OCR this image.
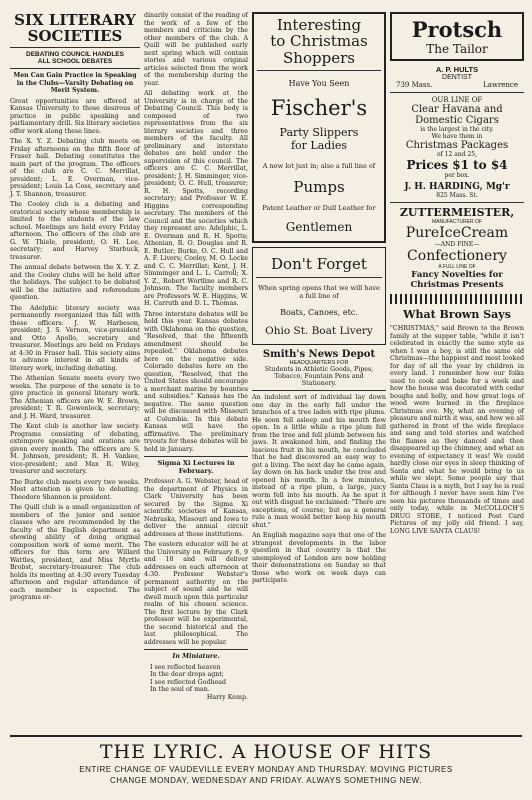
SIX LITERARY
SOCIETIES
DEBATING COUNCIL HANDLES
ALL SCHOOL DEBATES

Men Can Gain Practice in Speaking in the Clubs—Varsity Debating on Merit System.

Great opportunities are offered at Kansas University to those desirous of practice in public speaking and parliamentary drill. Six literary societies offer work along these lines.

The X. Y. Z. Debating club meets on Friday afternoons on the fifth floor of Fraser hall. Debating constitutes the main part of the program. The officers of the club are C. C. Merrillat, president; L. E. Overman, vice-president; Louis La Coss, secretary and J. T. Shannon, treasurer.

The Cooley club is a debating and oratorical society whose membership is limited to the students of the law school. Meetings are held every Friday afternoon. The officers of the club are G. W. Thiele, president; O. H. Lee, secretary; and Harvey Starbuck, treasurer.

The annual debate between the X. Y. Z. and the Cooley clubs will be held after the holidays. The subject to be debated will be the initiative and referendum question.

The Adelphic literary society was permanently reorganized this fall with these officers: J. W. Harbeson, president; J. S. Vernon, vice-president and Otto Apollo, secretary and treasurer. Meetings are held on Fridays at 4:30 in Fraser hall. This society aims to advance interest in all kinds of literary work, including debating.

The Athenian Senate meets every two weeks. The purpose of the senate is to give practice in general literary work. The Athenian officers are W. E. Brown, president; T. R. Gowenlock, secretary; and J. H. Ward, treasurer.

The Kent club is another law society. Programs consisting of debating, extempore speaking and orations are given every month. The officers are S. M. Johnson, president; R. H. Vankee, vice-president; and Max R. Wiley, treasurer and secretary.

The Burke club meets every two weeks. Most attention is given to debating. Theodore Shannon is president.

The Quill club is a small organization of members of the junior and senior classes who are recommended by the faculty of the English department as showing ability of doing original composition work of some merit. The officers for this term are Willard Wattles, president, and Miss Myrtle Brobst, secretary-treasurer. The club holds its meeting at 4:30 every Tuesday afternoon and regular attendance of each member is expected. The programs or-

dinarily consist of the reading of the work of a few of the members and criticism by the other members of the club. A Quill will be published early next spring which will contain stories and various original articles selected from the work of the membership during the year.

All debating work at the University is in charge of the Debating Council. This body is composed of two representatives from the six literary societies and three members of the faculty. All preliminary and interstate debates are held under the supervision of this council. The officers are C. C. Merrillat, president; J. H. Simminger, vice-president; O. C. Hull, treasurer; R. H. Spotts, recording secretary; and Professor W. E. Higgins corresponding secretary. The members of the Council and the societies which they represent are: Adelphic, L. E. Overman and R. H. Spotts; Athenian, R. O. Douglas and R. E. Butler; Burke, O. C. Hull and A. F. Livers; Cooley, M. O. Locke and C. C. Merrillat; Kent, J. H. Simminger and L. L. Carroll; X. Y. Z., Robert Wortline and R. C. Johnson. The faculty members are Professors W. E. Higgins, W. H. Carruth and D. L. Thomas.

Three interstate debates will be held this year. Kansas debates with Oklahoma on the question, "Resolved, that the fifteenth amendment should be repealed." Oklahoma debates here on the negative side. Colorado debates here on the question, "Resolved, that the United States should encourage a merchant marine by bounties and subsidies." Kansas has the negative. The same question will be discussed with Missouri at Columbia. In this debate Kansas will have the affirmative. The preliminary tryouts for these debates will be held in January.

Sigma Xi Lectures in February.

Professor A. G. Webster, head of the department of Physics in Clark University has been secured by the Sigma Xi scientific societies of Kansas, Nebraska, Missouri and Iowa to deliver the annual circuit addresses at those institutions.

The eastern educator will be at the University on February 8, 9 and 10 and will deliver addresses on each afternoon at 4:30. Professor Webster's permanent authority on the subject of sound and he will dwell much upon this particular realm of his chosen science. The first lecture by the Clark professor will be experimental, the second historical and the last philosophical. The addresses will be popular.

In Miniature.

I see reflected heaven
In the dear drops agnt;
I see reflected Godhead
In the soul of man.

Harry Kemp.

Interesting
to Christmas
Shoppers
Have You Seen
Fischer's
Party Slippers
for Ladies
A new lot just in; also a full line of
Pumps
Patent Leather or Dull Leather for
Gentlemen
Don't Forget
When spring opens that we will have a full line of
Boats, Canoes, etc.
Ohio St. Boat Livery
Smith's News Depot
HEADQUARTERS FOR
Students in Athletic Goods, Pipes, Tobacco, Fountain Pens and Stationery.

An indolent sort of individual lay down one day in the early fall under the branches of a tree laden with ripe plums. He soon fell asleep and his mouth flew open. In a little while a ripe plum fell from the tree and fell plumb between his jaws. It awakened him, and finding the luscious fruit in his mouth, he concluded that he had discovered an easy way to get a living. The next day he came again, lay down on his back under the tree and opened his mouth. In a few minutes, instead of a ripe plum, a large, juicy worm fell into his mouth. As he spat it out with disgust he exclaimed: "There are exceptions, of course; but as a general rule a man would better keep his mouth shut."

An English magazine says that one of the strangest developments in the labor question in that country is that the unemployed of London are now holding their demonstrations on Sunday so that those who work on week days can participate.

Protsch
The Tailor
A. P. HULTS
DENTIST
739 Mass.	Lawrence
OUR LINE OF
Clear Havana and
Domestic Cigars
is the largest in the city.
We have them in
Christmas Packages
of 12 and 25,
Prices $1 to $4
per box.
J. H. HARDING, Mg'r
825 Mass. St.
ZUTTERMEISTER,
MANUFACTURER OF
PureIceCream
—AND FINE—
Confectionery
A FULL LINE OF
Fancy Novelties for
Christmas Presents
What Brown Says

"CHRISTMAS," said Brown to the Brown family at the supper table, "while it isn't celebrated in exactly the same style as when I was a boy, is still the same old Christmas—the happiest and most looked for day of all the year by children in every land. I remember how our folks used to cook and bake for a week and how the house was decorated with cedar boughs and holly, and how great logs of wood were burned in the fireplace Christmas eve. My, what an evening of pleasure and mirth it was, and how we all gathered in front of the wide fireplace and sang and told stories and watched the flames as they danced and then disappeared up the chimney, and what an evening of expectancy it was! We could hardly close our eyes in sleep thinking of Santa and what he would bring to us while we slept. Some people say that Santa Claus is a myth, but I say he is real for although I never have seen him I've seen his pictures thousands of times and only today, while in McCOLLOCH'S DRUG STORE, I noticed Post Card Pictures of my jolly old friend. I say, LONG LIVE SANTA CLAUS!

THE LYRIC. A HOUSE OF HITS
ENTIRE CHANGE OF VAUDEVILLE EVERY MONDAY AND THURSDAY. MOVING PICTURES
CHANGE MONDAY, WEDNESDAY AND FRIDAY. ALWAYS SOMETHING NEW.
